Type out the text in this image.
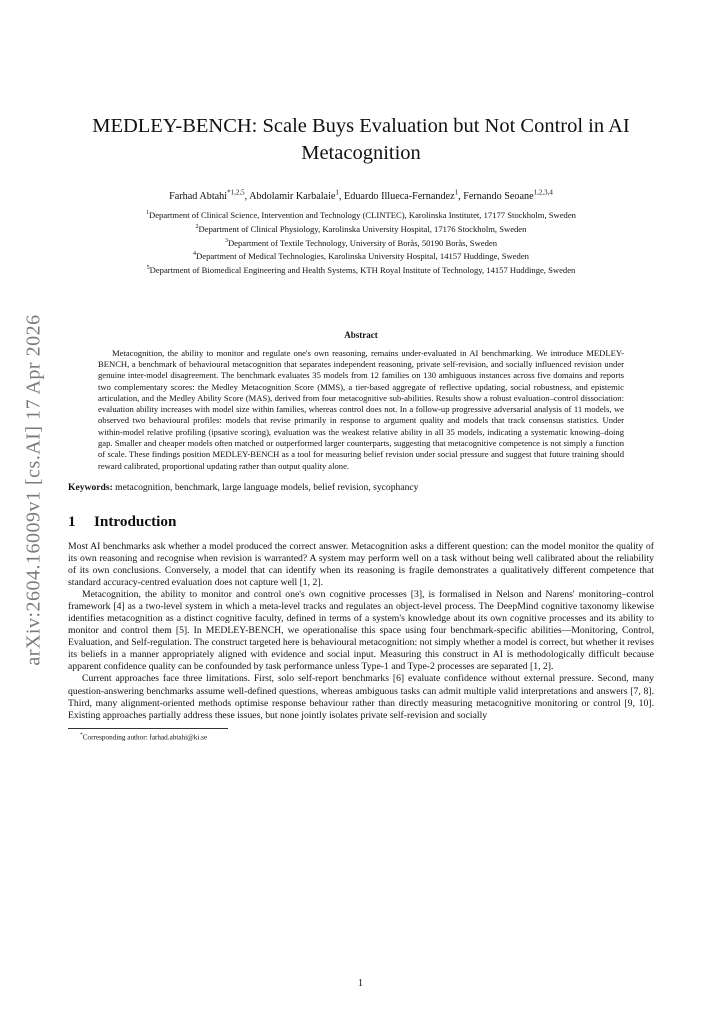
arXiv:2604.16009v1 [cs.AI] 17 Apr 2026
MEDLEY-BENCH: Scale Buys Evaluation but Not Control in AI Metacognition
Farhad Abtahi$^{*1,2,5}$, Abdolamir Karbalaie$^1$, Eduardo Illueca-Fernandez$^1$, Fernando Seoane$^{1,2,3,4}$
$^1$Department of Clinical Science, Intervention and Technology (CLINTEC), Karolinska Institutet, 17177 Stockholm, Sweden
$^2$Department of Clinical Physiology, Karolinska University Hospital, 17176 Stockholm, Sweden
$^3$Department of Textile Technology, University of Borås, 50190 Borås, Sweden
$^4$Department of Medical Technologies, Karolinska University Hospital, 14157 Huddinge, Sweden
$^5$Department of Biomedical Engineering and Health Systems, KTH Royal Institute of Technology, 14157 Huddinge, Sweden
Abstract

Metacognition, the ability to monitor and regulate one's own reasoning, remains under-evaluated in AI benchmarking. We introduce MEDLEY-BENCH, a benchmark of behavioural metacognition that separates independent reasoning, private self-revision, and socially influenced revision under genuine inter-model disagreement. The benchmark evaluates 35 models from 12 families on 130 ambiguous instances across five domains and reports two complementary scores: the Medley Metacognition Score (MMS), a tier-based aggregate of reflective updating, social robustness, and epistemic articulation, and the Medley Ability Score (MAS), derived from four metacognitive sub-abilities. Results show a robust evaluation–control dissociation: evaluation ability increases with model size within families, whereas control does not. In a follow-up progressive adversarial analysis of 11 models, we observed two behavioural profiles: models that revise primarily in response to argument quality and models that track consensus statistics. Under within-model relative profiling (ipsative scoring), evaluation was the weakest relative ability in all 35 models, indicating a systematic knowing–doing gap. Smaller and cheaper models often matched or outperformed larger counterparts, suggesting that metacognitive competence is not simply a function of scale. These findings position MEDLEY-BENCH as a tool for measuring belief revision under social pressure and suggest that future training should reward calibrated, proportional updating rather than output quality alone.

Keywords: metacognition, benchmark, large language models, belief revision, sycophancy
1 Introduction

Most AI benchmarks ask whether a model produced the correct answer. Metacognition asks a different question: can the model monitor the quality of its own reasoning and recognise when revision is warranted? A system may perform well on a task without being well calibrated about the reliability of its own conclusions. Conversely, a model that can identify when its reasoning is fragile demonstrates a qualitatively different competence that standard accuracy-centred evaluation does not capture well [1, 2].

Metacognition, the ability to monitor and control one's own cognitive processes [3], is formalised in Nelson and Narens' monitoring–control framework [4] as a two-level system in which a meta-level tracks and regulates an object-level process. The DeepMind cognitive taxonomy likewise identifies metacognition as a distinct cognitive faculty, defined in terms of a system's knowledge about its own cognitive processes and its ability to monitor and control them [5]. In MEDLEY-BENCH, we operationalise this space using four benchmark-specific abilities—Monitoring, Control, Evaluation, and Self-regulation. The construct targeted here is behavioural metacognition: not simply whether a model is correct, but whether it revises its beliefs in a manner appropriately aligned with evidence and social input. Measuring this construct in AI is methodologically difficult because apparent confidence quality can be confounded by task performance unless Type-1 and Type-2 processes are separated [1, 2].

Current approaches face three limitations. First, solo self-report benchmarks [6] evaluate confidence without external pressure. Second, many question-answering benchmarks assume well-defined questions, whereas ambiguous tasks can admit multiple valid interpretations and answers [7, 8]. Third, many alignment-oriented methods optimise response behaviour rather than directly measuring metacognitive monitoring or control [9, 10]. Existing approaches partially address these issues, but none jointly isolates private self-revision and socially

*Corresponding author: farhad.abtahi@ki.se
1
